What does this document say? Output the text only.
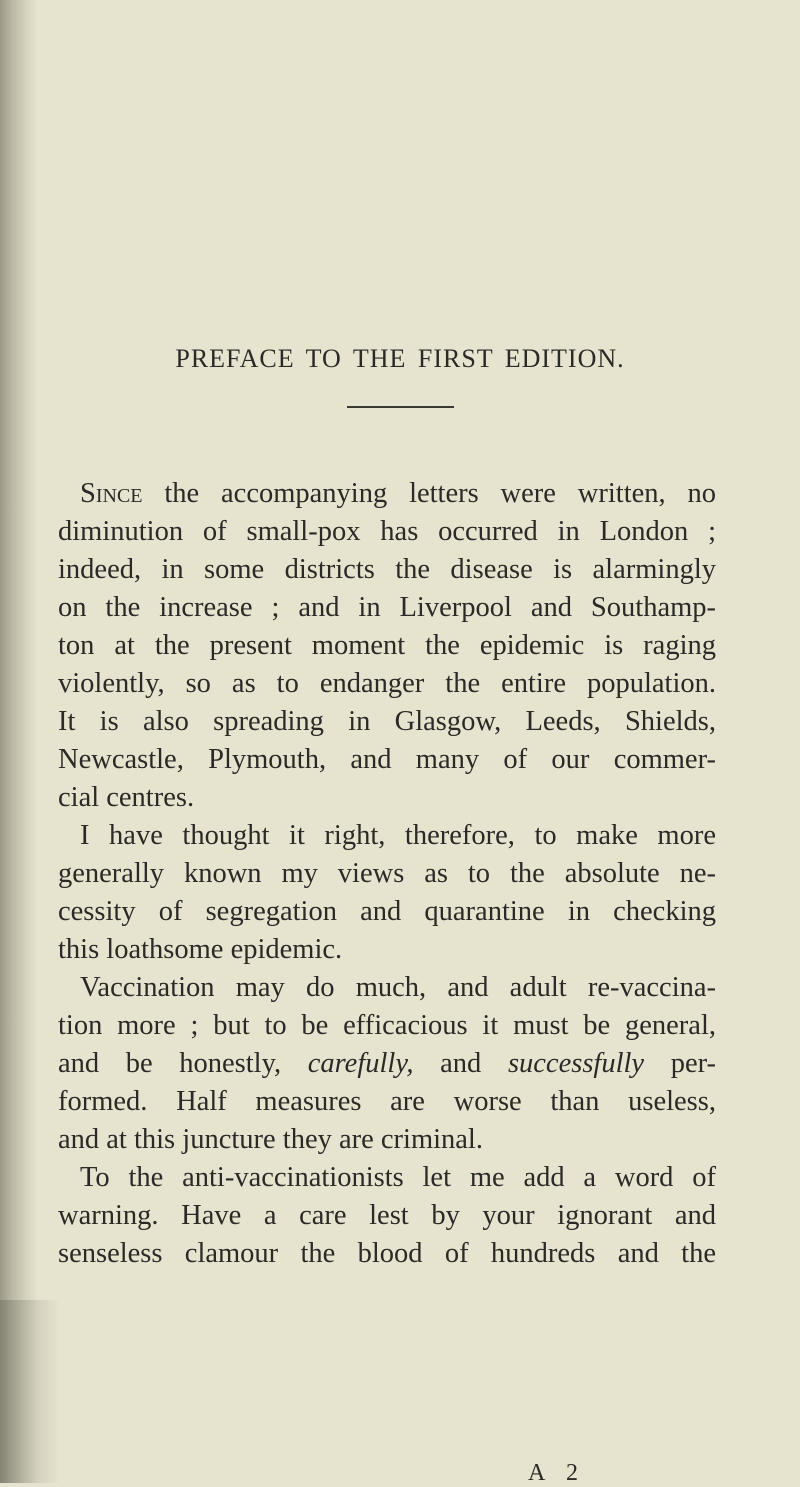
PREFACE TO THE FIRST EDITION.
Since the accompanying letters were written, no
diminution of small-pox has occurred in London ;
indeed, in some districts the disease is alarmingly
on the increase ; and in Liverpool and Southamp-
ton at the present moment the epidemic is raging
violently, so as to endanger the entire population.
It is also spreading in Glasgow, Leeds, Shields,
Newcastle, Plymouth, and many of our commer-
cial centres.
I have thought it right, therefore, to make more
generally known my views as to the absolute ne-
cessity of segregation and quarantine in checking
this loathsome epidemic.
Vaccination may do much, and adult re-vaccina-
tion more ; but to be efficacious it must be general,
and be honestly, carefully, and successfully per-
formed. Half measures are worse than useless,
and at this juncture they are criminal.
To the anti-vaccinationists let me add a word of
warning. Have a care lest by your ignorant and
senseless clamour the blood of hundreds and the
A 2
